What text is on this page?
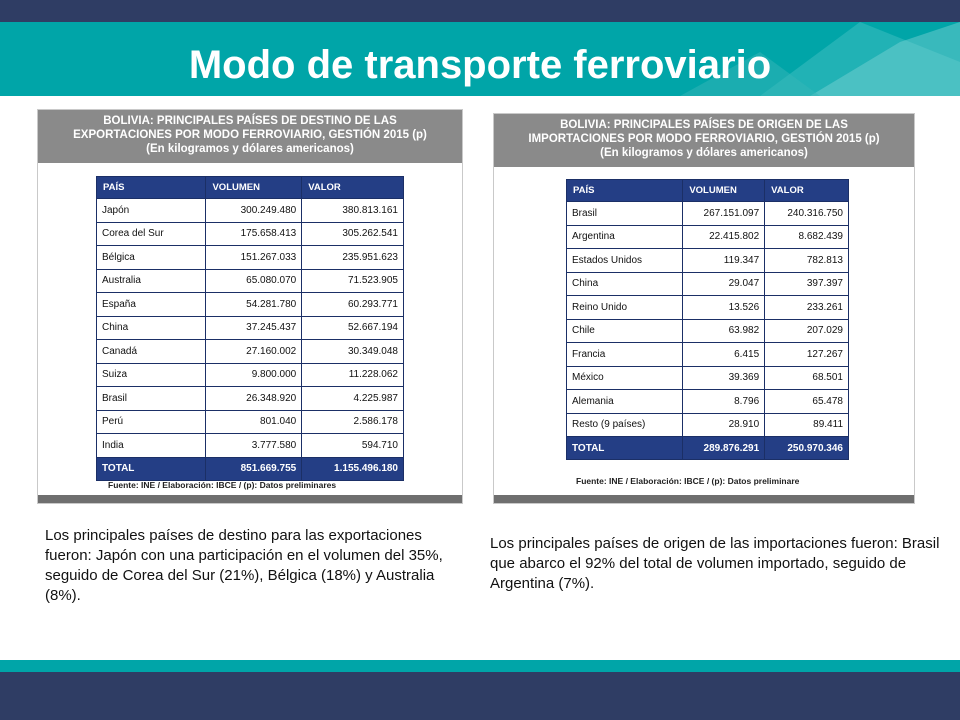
Modo de transporte ferroviario
BOLIVIA: PRINCIPALES PAÍSES DE DESTINO DE LAS
EXPORTACIONES POR MODO FERROVIARIO, GESTIÓN 2015 (p)
(En kilogramos y dólares americanos)
PAÍS	VOLUMEN	VALOR
Japón	300.249.480	380.813.161
Corea del Sur	175.658.413	305.262.541
Bélgica	151.267.033	235.951.623
Australia	65.080.070	71.523.905
España	54.281.780	60.293.771
China	37.245.437	52.667.194
Canadá	27.160.002	30.349.048
Suiza	9.800.000	11.228.062
Brasil	26.348.920	4.225.987
Perú	801.040	2.586.178
India	3.777.580	594.710
TOTAL	851.669.755	1.155.496.180
Fuente: INE / Elaboración: IBCE / (p): Datos preliminares
BOLIVIA: PRINCIPALES PAÍSES DE ORIGEN DE LAS
IMPORTACIONES POR MODO FERROVIARIO, GESTIÓN 2015 (p)
(En kilogramos y dólares americanos)
PAÍS	VOLUMEN	VALOR
Brasil	267.151.097	240.316.750
Argentina	22.415.802	8.682.439
Estados Unidos	119.347	782.813
China	29.047	397.397
Reino Unido	13.526	233.261
Chile	63.982	207.029
Francia	6.415	127.267
México	39.369	68.501
Alemania	8.796	65.478
Resto (9 países)	28.910	89.411
TOTAL	289.876.291	250.970.346
Fuente: INE / Elaboración: IBCE / (p): Datos preliminare
Los principales países de destino para las exportaciones fueron: Japón con una participación en el volumen del 35%, seguido de Corea del Sur (21%), Bélgica (18%) y Australia (8%).
Los principales países de origen de las importaciones fueron: Brasil que abarco el 92% del total de volumen importado, seguido de Argentina (7%).
